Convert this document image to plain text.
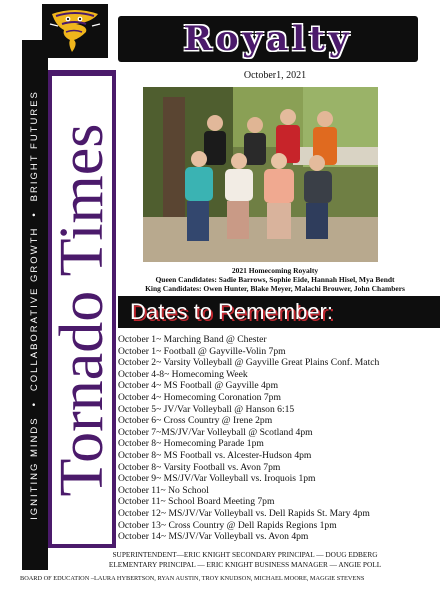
IGNITING MINDS•COLLABORATIVE GROWTH•BRIGHT FUTURES Tornado Times
Royalty
October1, 2021
2021 Homecoming Royalty
Queen Candidates: Sadie Barrows, Sophie Eide, Hannah Hisel, Mya Bendt
King Candidates: Owen Hunter, Blake Meyer, Malachi Brouwer, John Chambers
Dates to Remember:
October 1~ Marching Band @ Chester
October 1~ Football @ Gayville-Volin 7pm
October 2~ Varsity Volleyball @ Gayville Great Plains Conf. Match
October 4-8~ Homecoming Week
October 4~ MS Football @ Gayville 4pm
October 4~ Homecoming Coronation 7pm
October 5~ JV/Var Volleyball @ Hanson 6:15
October 6~ Cross Country @ Irene 2pm
October 7~MS/JV/Var Volleyball @ Scotland 4pm
October 8~ Homecoming Parade 1pm
October 8~ MS Football vs. Alcester-Hudson 4pm
October 8~ Varsity Football vs. Avon 7pm
October 9~ MS/JV/Var Volleyball vs. Iroquois 1pm
October 11~ No School
October 11~ School Board Meeting 7pm
October 12~ MS/JV/Var Volleyball vs. Dell Rapids St. Mary 4pm
October 13~ Cross Country @ Dell Rapids Regions 1pm
October 14~ MS/JV/Var Volleyball vs. Avon 4pm
SUPERINTENDENT—ERIC KNIGHT SECONDARY PRINCIPAL — DOUG EDBERG
ELEMENTARY PRINCIPAL — ERIC KNIGHT BUSINESS MANAGER — ANGIE POLL
BOARD OF EDUCATION –LAURA HYBERTSON, RYAN AUSTIN, TROY KNUDSON, MICHAEL MOORE, MAGGIE STEVENS
